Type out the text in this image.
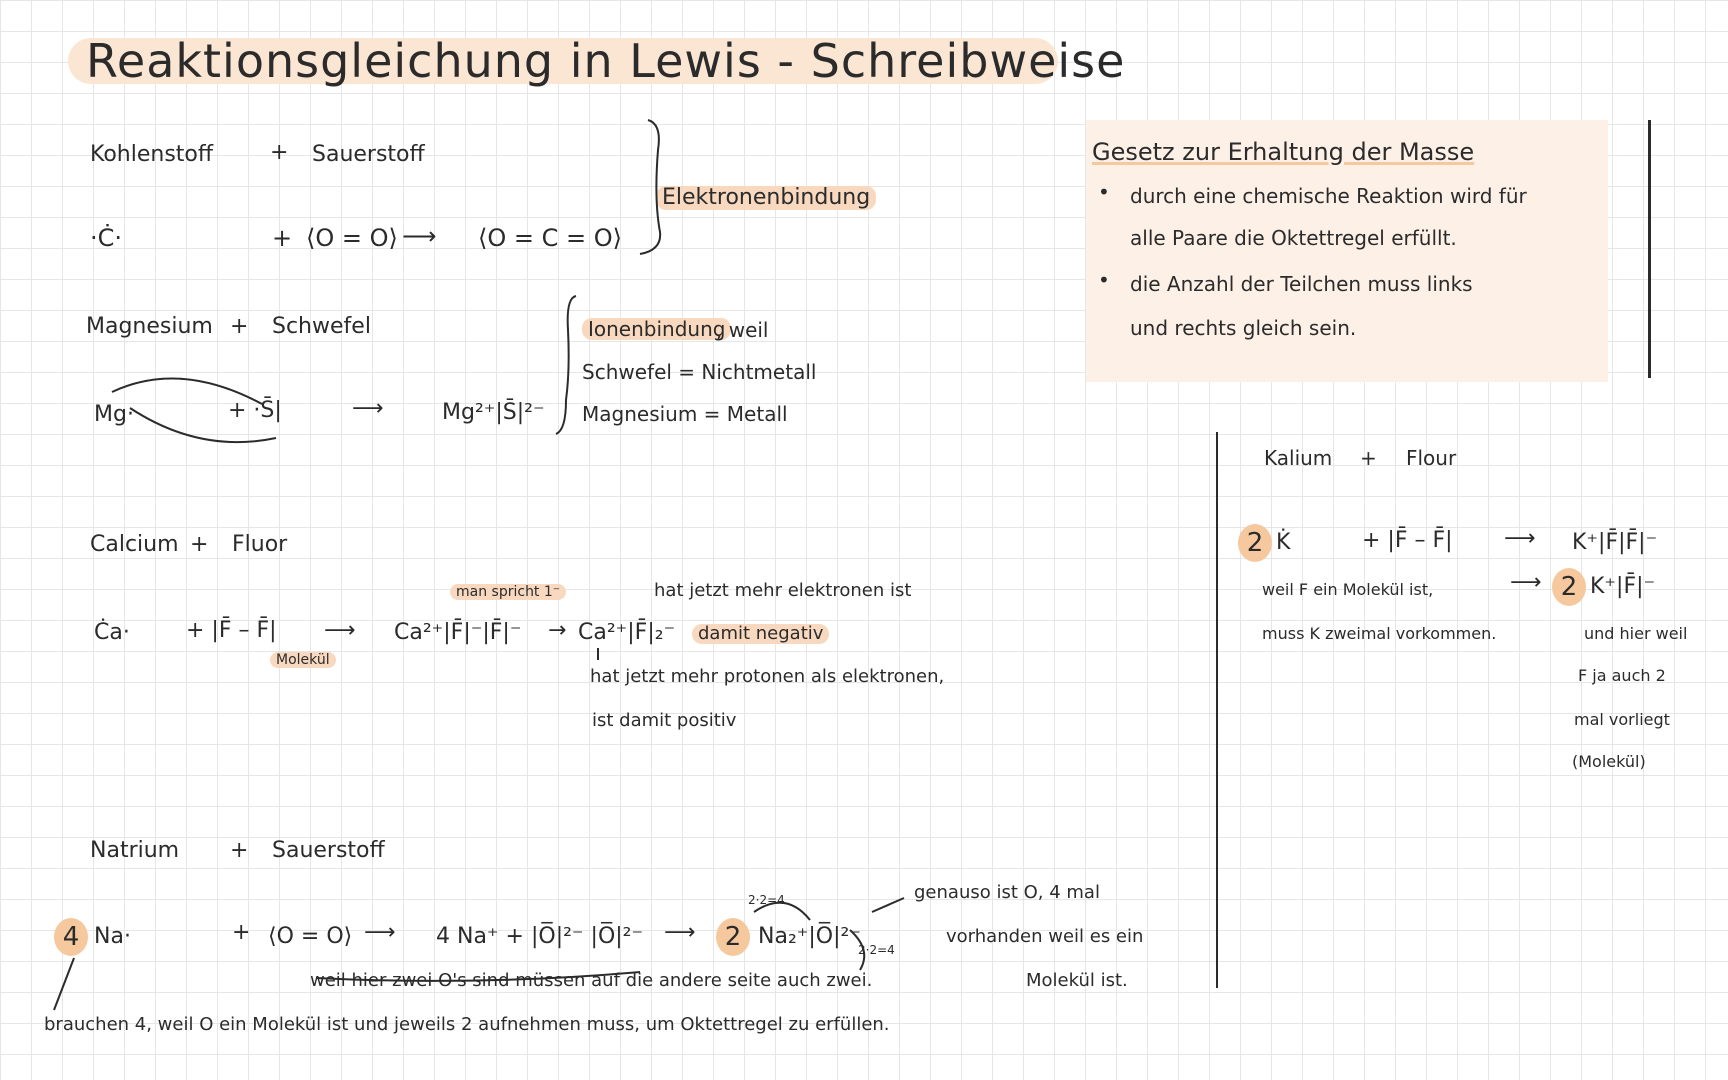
Reaktionsgleichung in Lewis - Schreibweise
Gesetz zur Erhaltung der Masse
• durch eine chemische Reaktion wird für
alle Paare die Oktettregel erfüllt.
• die Anzahl der Teilchen muss links
und rechts gleich sein.
Kohlenstoff	+ Sauerstoff
·Ċ·	+ ⟨O = O⟩ ⟶ ⟨O = C = O⟩
Elektronenbindung
Magnesium + Schwefel
Mg·	+ ·S̄|	⟶	Mg²⁺|S̄|²⁻
Ionenbindung
, weil
Schwefel = Nichtmetall
Magnesium = Metall
Calcium + Fluor
Ċa·	+ |F̄ – F̄|
Molekül
⟶ Ca²⁺|F̄|⁻|F̄|⁻ → Ca²⁺|F̄|₂⁻
man spricht 1⁻	hat jetzt mehr elektronen ist
damit negativ
hat jetzt mehr protonen als elektronen,
ist damit positiv
Natrium + Sauerstoff
4 Na·	+ ⟨O = O⟩ ⟶ 4 Na⁺ + |O̅|²⁻ |O̅|²⁻ ⟶	2 Na₂⁺|O̅|²⁻
2·2=4
2·2=4
genauso ist O, 4 mal
vorhanden weil es ein
Molekül ist.
weil hier zwei O's sind müssen auf die andere seite auch zwei.
brauchen 4, weil O ein Molekül ist und jeweils 2 aufnehmen muss, um Oktettregel zu erfüllen.
Kalium + Flour
2 K̇	+ |F̄ – F̄| ⟶ K⁺|F̄|F̄|⁻
⟶ 2 K⁺|F̄|⁻
weil F ein Molekül ist,
muss K zweimal vorkommen.	und hier weil
F ja auch 2
mal vorliegt
(Molekül)
